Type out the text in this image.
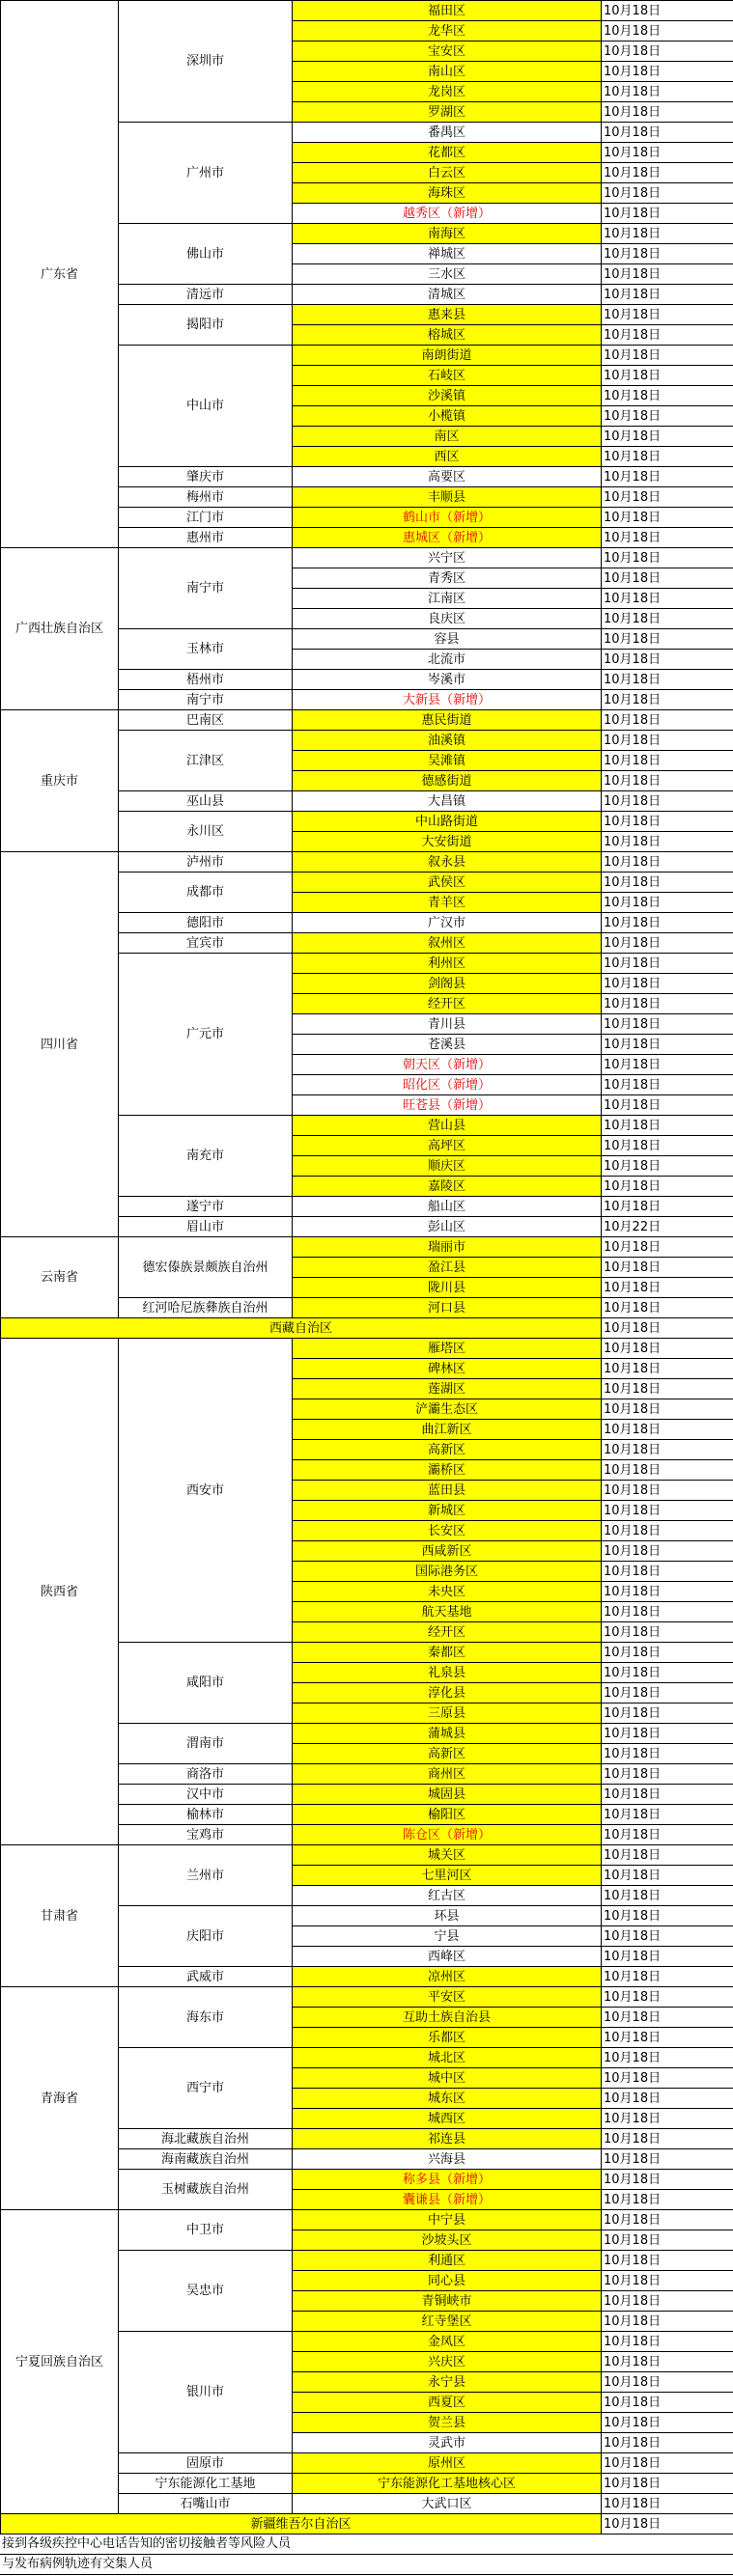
广东省	深圳市	福田区	10月18日
		龙华区	10月18日
		宝安区	10月18日
		南山区	10月18日
		龙岗区	10月18日
		罗湖区	10月18日
	广州市	番禺区	10月18日
		花都区	10月18日
		白云区	10月18日
		海珠区	10月18日
		越秀区（新增）	10月18日
	佛山市	南海区	10月18日
		禅城区	10月18日
		三水区	10月18日
	清远市	清城区	10月18日
	揭阳市	惠来县	10月18日
		榕城区	10月18日
	中山市	南朗街道	10月18日
		石岐区	10月18日
		沙溪镇	10月18日
		小榄镇	10月18日
		南区	10月18日
		西区	10月18日
	肇庆市	高要区	10月18日
	梅州市	丰顺县	10月18日
	江门市	鹤山市（新增）	10月18日
	惠州市	惠城区（新增）	10月18日
广西壮族自治区	南宁市	兴宁区	10月18日
		青秀区	10月18日
		江南区	10月18日
		良庆区	10月18日
	玉林市	容县	10月18日
		北流市	10月18日
	梧州市	岑溪市	10月18日
	南宁市	大新县（新增）	10月18日
重庆市	巴南区	惠民街道	10月18日
	江津区	油溪镇	10月18日
		吴滩镇	10月18日
		德感街道	10月18日
	巫山县	大昌镇	10月18日
	永川区	中山路街道	10月18日
		大安街道	10月18日
四川省	泸州市	叙永县	10月18日
	成都市	武侯区	10月18日
		青羊区	10月18日
	德阳市	广汉市	10月18日
	宜宾市	叙州区	10月18日
	广元市	利州区	10月18日
		剑阁县	10月18日
		经开区	10月18日
		青川县	10月18日
		苍溪县	10月18日
		朝天区（新增）	10月18日
		昭化区（新增）	10月18日
		旺苍县（新增）	10月18日
	南充市	营山县	10月18日
		高坪区	10月18日
		顺庆区	10月18日
		嘉陵区	10月18日
	遂宁市	船山区	10月18日
	眉山市	彭山区	10月22日
云南省	德宏傣族景颇族自治州	瑞丽市	10月18日
		盈江县	10月18日
		陇川县	10月18日
	红河哈尼族彝族自治州	河口县	10月18日
西藏自治区			10月18日
陕西省	西安市	雁塔区	10月18日
		碑林区	10月18日
		莲湖区	10月18日
		浐灞生态区	10月18日
		曲江新区	10月18日
		高新区	10月18日
		灞桥区	10月18日
		蓝田县	10月18日
		新城区	10月18日
		长安区	10月18日
		西咸新区	10月18日
		国际港务区	10月18日
		未央区	10月18日
		航天基地	10月18日
		经开区	10月18日
	咸阳市	秦都区	10月18日
		礼泉县	10月18日
		淳化县	10月18日
		三原县	10月18日
	渭南市	蒲城县	10月18日
		高新区	10月18日
	商洛市	商州区	10月18日
	汉中市	城固县	10月18日
	榆林市	榆阳区	10月18日
	宝鸡市	陈仓区（新增）	10月18日
甘肃省	兰州市	城关区	10月18日
		七里河区	10月18日
		红古区	10月18日
	庆阳市	环县	10月18日
		宁县	10月18日
		西峰区	10月18日
	武威市	凉州区	10月18日
青海省	海东市	平安区	10月18日
		互助土族自治县	10月18日
		乐都区	10月18日
	西宁市	城北区	10月18日
		城中区	10月18日
		城东区	10月18日
		城西区	10月18日
	海北藏族自治州	祁连县	10月18日
	海南藏族自治州	兴海县	10月18日
	玉树藏族自治州	称多县（新增）	10月18日
		囊谦县（新增）	10月18日
宁夏回族自治区	中卫市	中宁县	10月18日
		沙坡头区	10月18日
	吴忠市	利通区	10月18日
		同心县	10月18日
		青铜峡市	10月18日
		红寺堡区	10月18日
	银川市	金凤区	10月18日
		兴庆区	10月18日
		永宁县	10月18日
		西夏区	10月18日
		贺兰县	10月18日
		灵武市	10月18日
	固原市	原州区	10月18日
	宁东能源化工基地	宁东能源化工基地核心区	10月18日
	石嘴山市	大武口区	10月18日
新疆维吾尔自治区			10月18日
接到各级疾控中心电话告知的密切接触者等风险人员
与发布病例轨迹有交集人员
